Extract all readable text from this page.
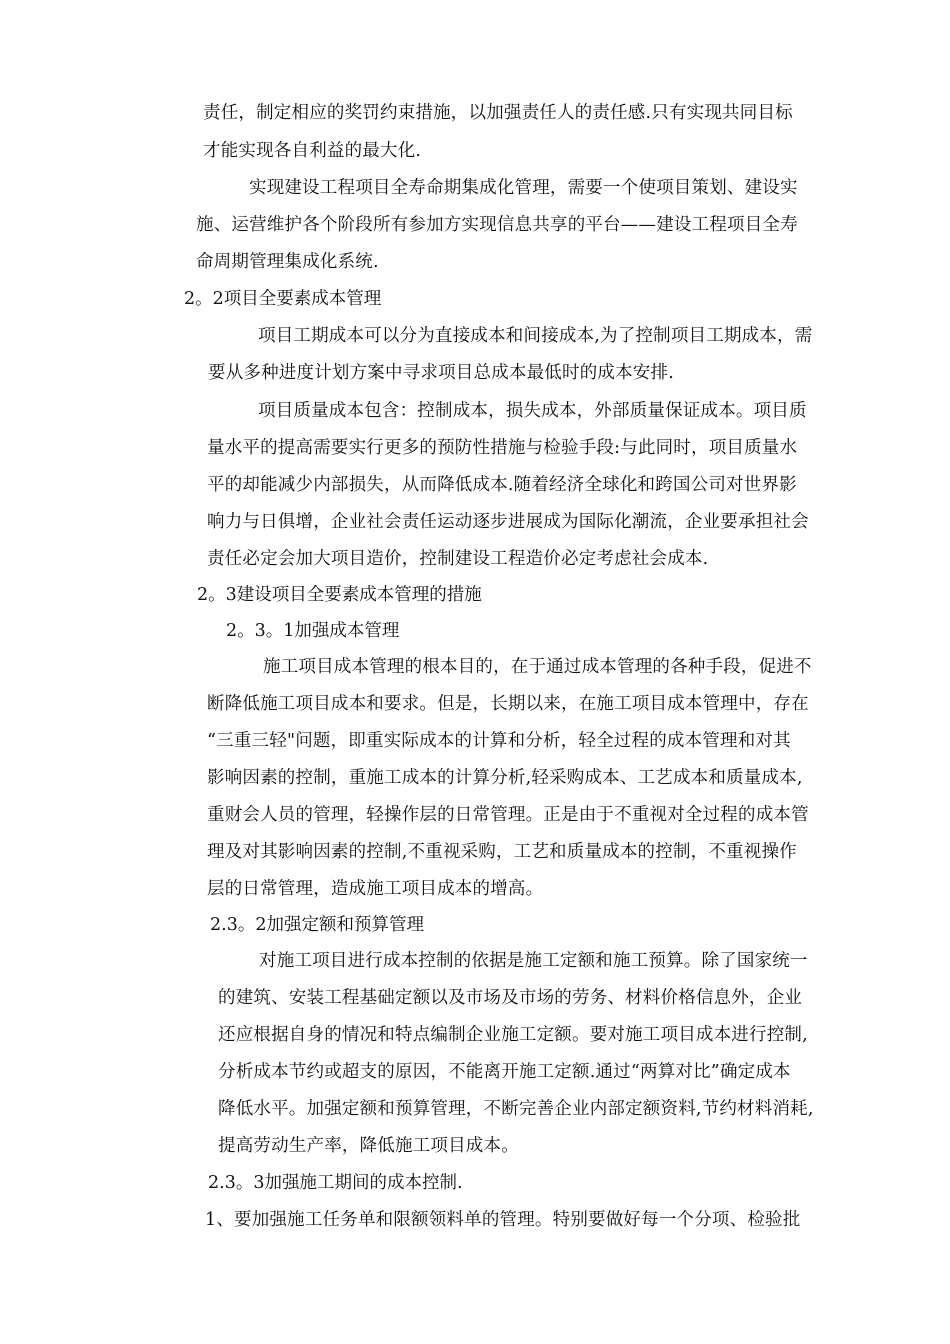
责任，制定相应的奖罚约束措施，以加强责任人的责任感.只有实现共同目标
才能实现各自利益的最大化.
实现建设工程项目全寿命期集成化管理，需要一个使项目策划、建设实
施、运营维护各个阶段所有参加方实现信息共享的平台——建设工程项目全寿
命周期管理集成化系统.
2。2项目全要素成本管理
项目工期成本可以分为直接成本和间接成本,为了控制项目工期成本，需
要从多种进度计划方案中寻求项目总成本最低时的成本安排.
项目质量成本包含：控制成本，损失成本，外部质量保证成本。项目质
量水平的提高需要实行更多的预防性措施与检验手段:与此同时，项目质量水
平的却能减少内部损失，从而降低成本.随着经济全球化和跨国公司对世界影
响力与日俱增，企业社会责任运动逐步进展成为国际化潮流，企业要承担社会
责任必定会加大项目造价，控制建设工程造价必定考虑社会成本.
2。3建设项目全要素成本管理的措施
2。3。1加强成本管理
施工项目成本管理的根本目的，在于通过成本管理的各种手段，促进不
断降低施工项目成本和要求。但是，长期以来，在施工项目成本管理中，存在
“三重三轻"问题，即重实际成本的计算和分析，轻全过程的成本管理和对其
影响因素的控制，重施工成本的计算分析,轻采购成本、工艺成本和质量成本,
重财会人员的管理，轻操作层的日常管理。正是由于不重视对全过程的成本管
理及对其影响因素的控制,不重视采购，工艺和质量成本的控制，不重视操作
层的日常管理，造成施工项目成本的增高。
2.3。2加强定额和预算管理
对施工项目进行成本控制的依据是施工定额和施工预算。除了国家统一
的建筑、安装工程基础定额以及市场及市场的劳务、材料价格信息外，企业
还应根据自身的情况和特点编制企业施工定额。要对施工项目成本进行控制,
分析成本节约或超支的原因，不能离开施工定额.通过“两算对比”确定成本
降低水平。加强定额和预算管理，不断完善企业内部定额资料,节约材料消耗,
提高劳动生产率，降低施工项目成本。
2.3。3加强施工期间的成本控制.
1、要加强施工任务单和限额领料单的管理。特别要做好每一个分项、检验批
